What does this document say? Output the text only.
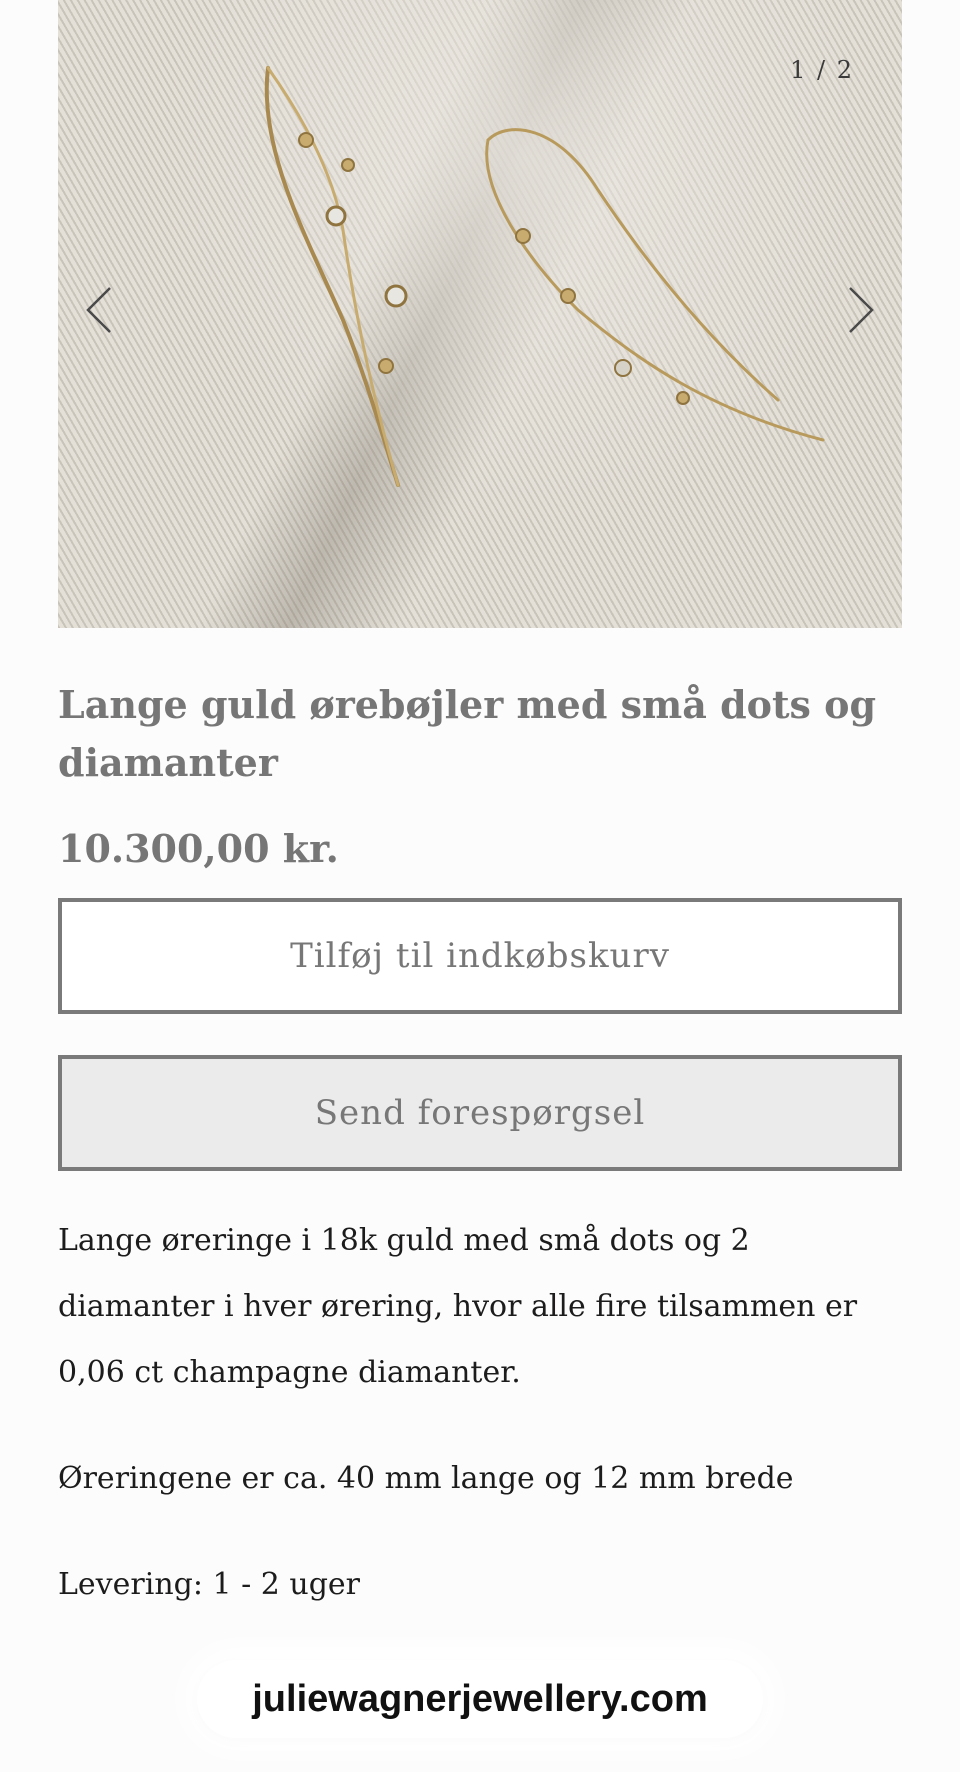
1 / 2
Lange guld ørebøjler med små dots og diamanter
10.300,00 kr.
Tilføj til indkøbskurv
Send forespørgsel

Lange øreringe i 18k guld med små dots og 2 diamanter i hver ørering, hvor alle fire tilsammen er 0,06 ct champagne diamanter.

Øreringene er ca. 40 mm lange og 12 mm brede

Levering: 1 - 2 uger

juliewagnerjewellery.com
